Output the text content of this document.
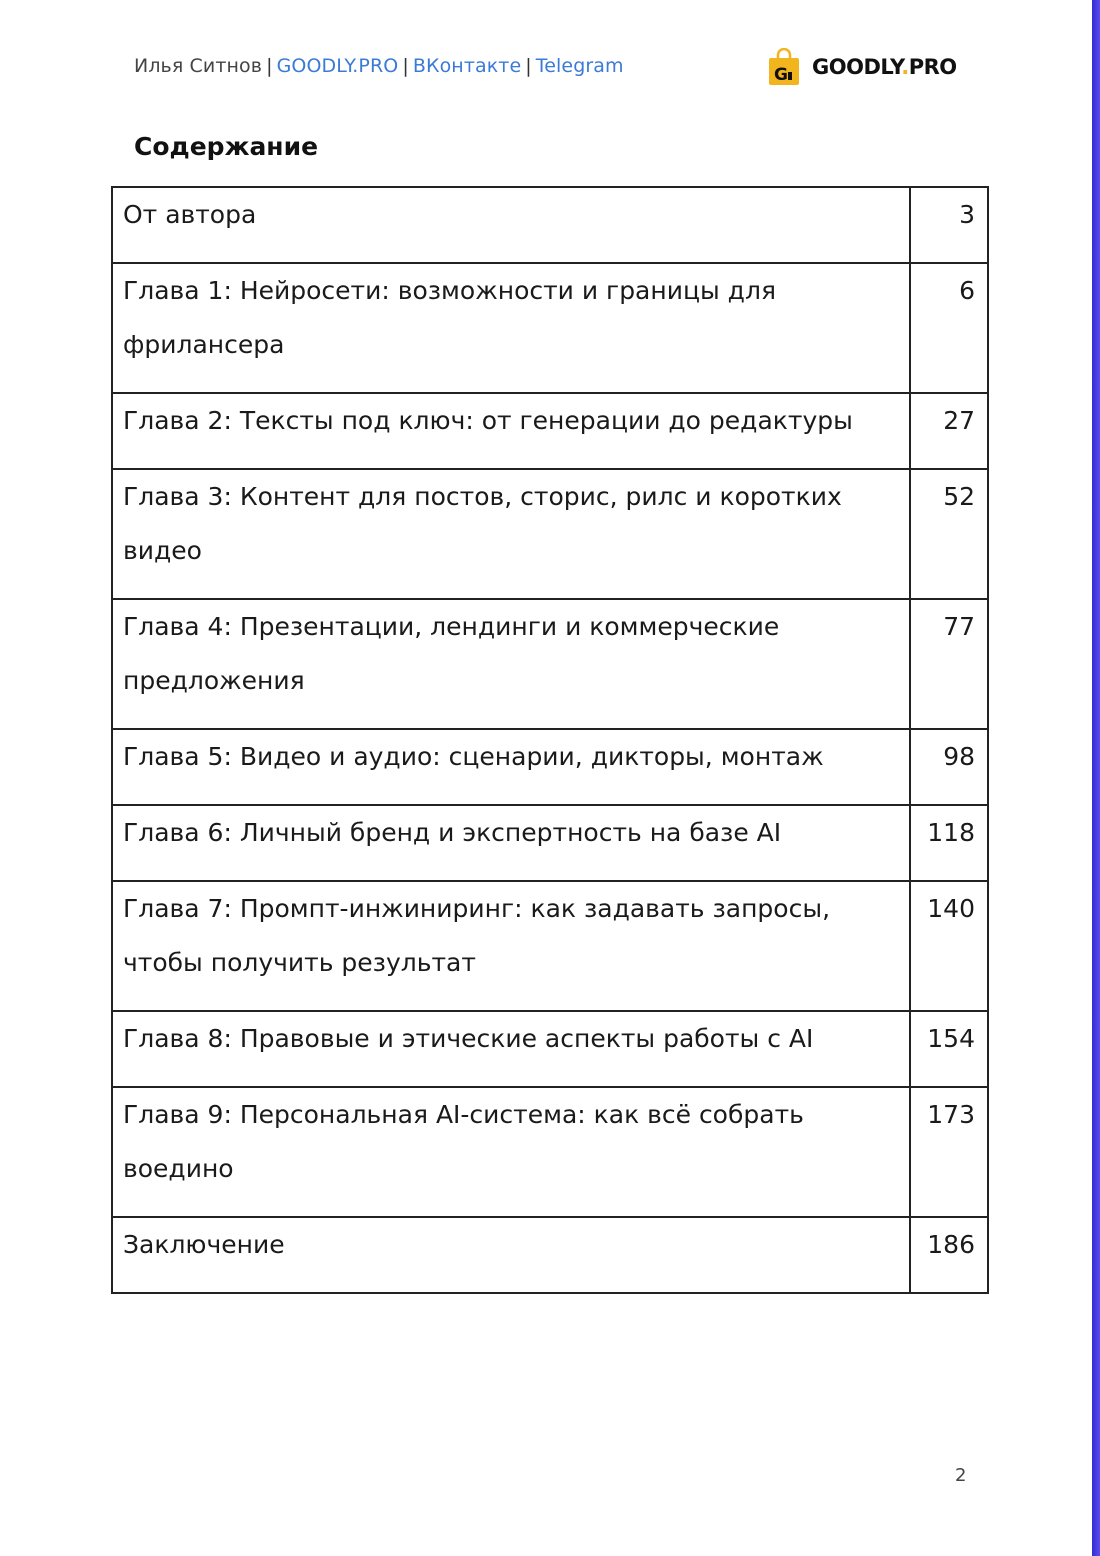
Илья Ситнов | GOODLY.PRO | ВКонтакте | Telegram	G GOODLY.PRO
Содержание
От автора	3
Глава 1: Нейросети: возможности и границы для фрилансера	6
Глава 2: Тексты под ключ: от генерации до редактуры	27
Глава 3: Контент для постов, сторис, рилс и коротких видео	52
Глава 4: Презентации, лендинги и коммерческие предложения	77
Глава 5: Видео и аудио: сценарии, дикторы, монтаж	98
Глава 6: Личный бренд и экспертность на базе AI	118
Глава 7: Промпт-инжиниринг: как задавать запросы, чтобы получить результат	140
Глава 8: Правовые и этические аспекты работы с AI	154
Глава 9: Персональная AI-система: как всё собрать воедино	173
Заключение	186
2
